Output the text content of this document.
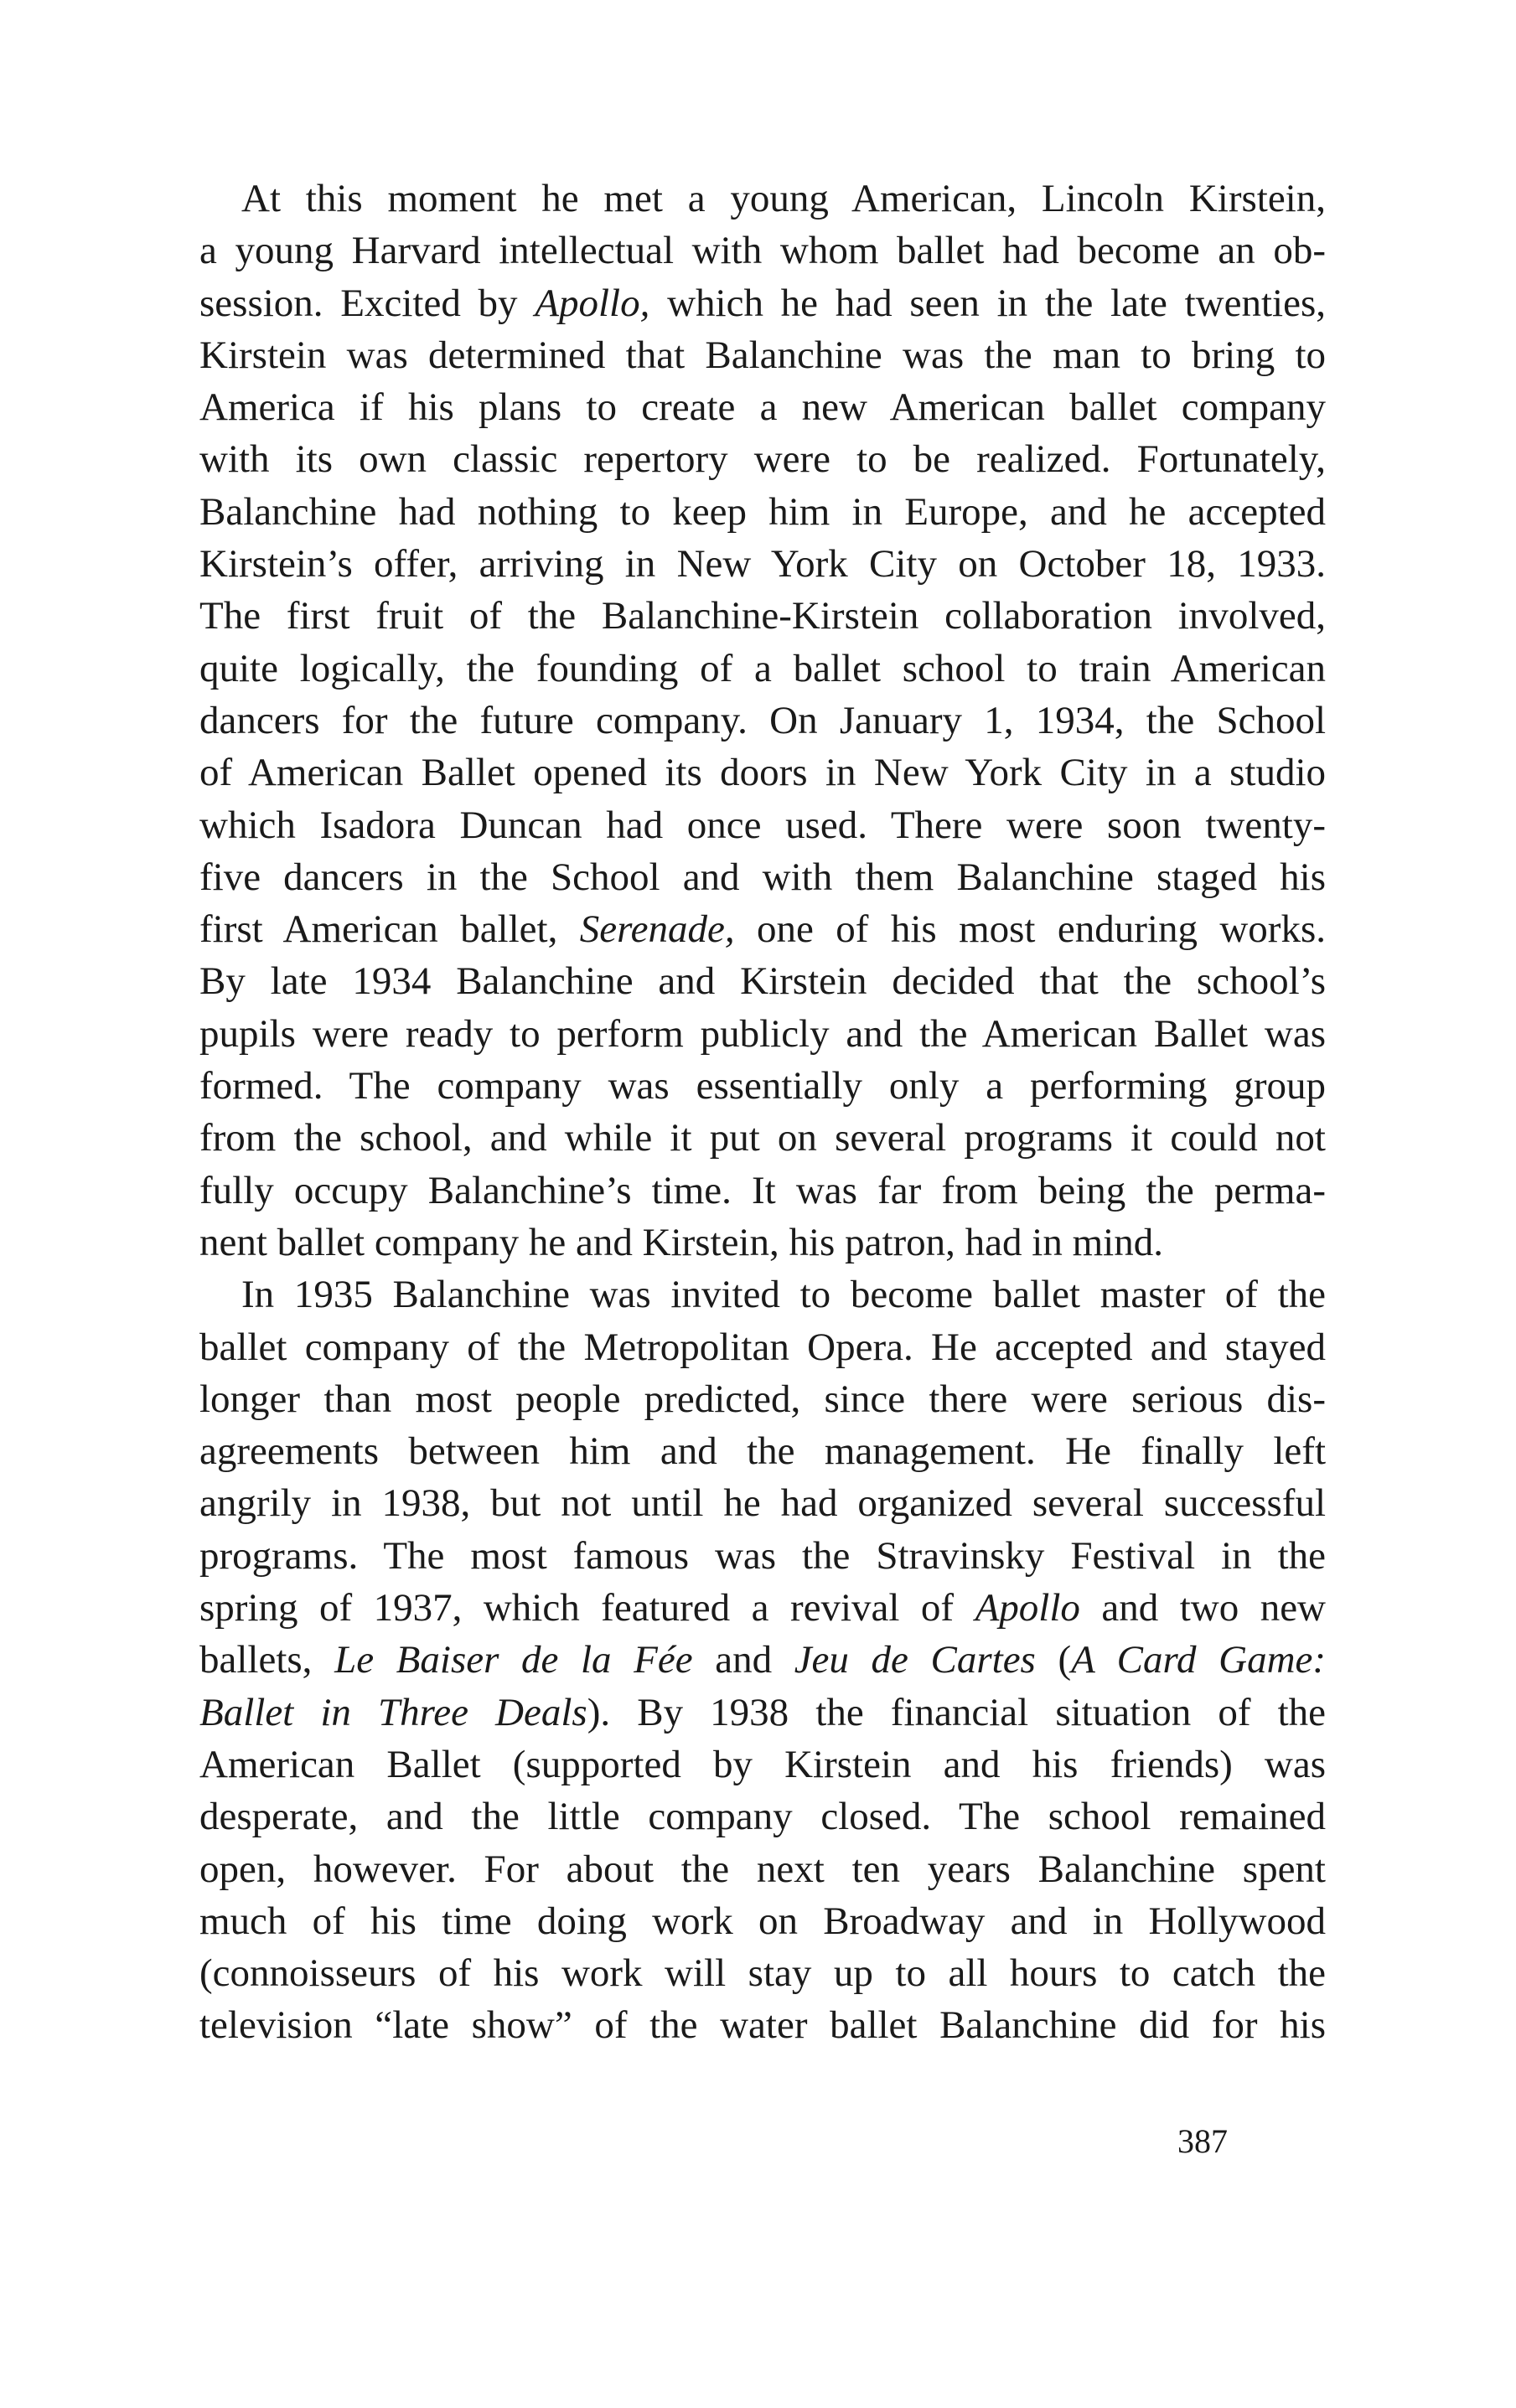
At this moment he met a young American, Lincoln Kirstein,
a young Harvard intellectual with whom ballet had become an ob-
session. Excited by Apollo, which he had seen in the late twenties,
Kirstein was determined that Balanchine was the man to bring to
America if his plans to create a new American ballet company
with its own classic repertory were to be realized. Fortunately,
Balanchine had nothing to keep him in Europe, and he accepted
Kirstein’s offer, arriving in New York City on October 18, 1933.
The first fruit of the Balanchine-Kirstein collaboration involved,
quite logically, the founding of a ballet school to train American
dancers for the future company. On January 1, 1934, the School
of American Ballet opened its doors in New York City in a studio
which Isadora Duncan had once used. There were soon twenty-
five dancers in the School and with them Balanchine staged his
first American ballet, Serenade, one of his most enduring works.
By late 1934 Balanchine and Kirstein decided that the school’s
pupils were ready to perform publicly and the American Ballet was
formed. The company was essentially only a performing group
from the school, and while it put on several programs it could not
fully occupy Balanchine’s time. It was far from being the perma-
nent ballet company he and Kirstein, his patron, had in mind.
In 1935 Balanchine was invited to become ballet master of the
ballet company of the Metropolitan Opera. He accepted and stayed
longer than most people predicted, since there were serious dis-
agreements between him and the management. He finally left
angrily in 1938, but not until he had organized several successful
programs. The most famous was the Stravinsky Festival in the
spring of 1937, which featured a revival of Apollo and two new
ballets, Le Baiser de la Fée and Jeu de Cartes (A Card Game:
Ballet in Three Deals). By 1938 the financial situation of the
American Ballet (supported by Kirstein and his friends) was
desperate, and the little company closed. The school remained
open, however. For about the next ten years Balanchine spent
much of his time doing work on Broadway and in Hollywood
(connoisseurs of his work will stay up to all hours to catch the
television “late show” of the water ballet Balanchine did for his
387
